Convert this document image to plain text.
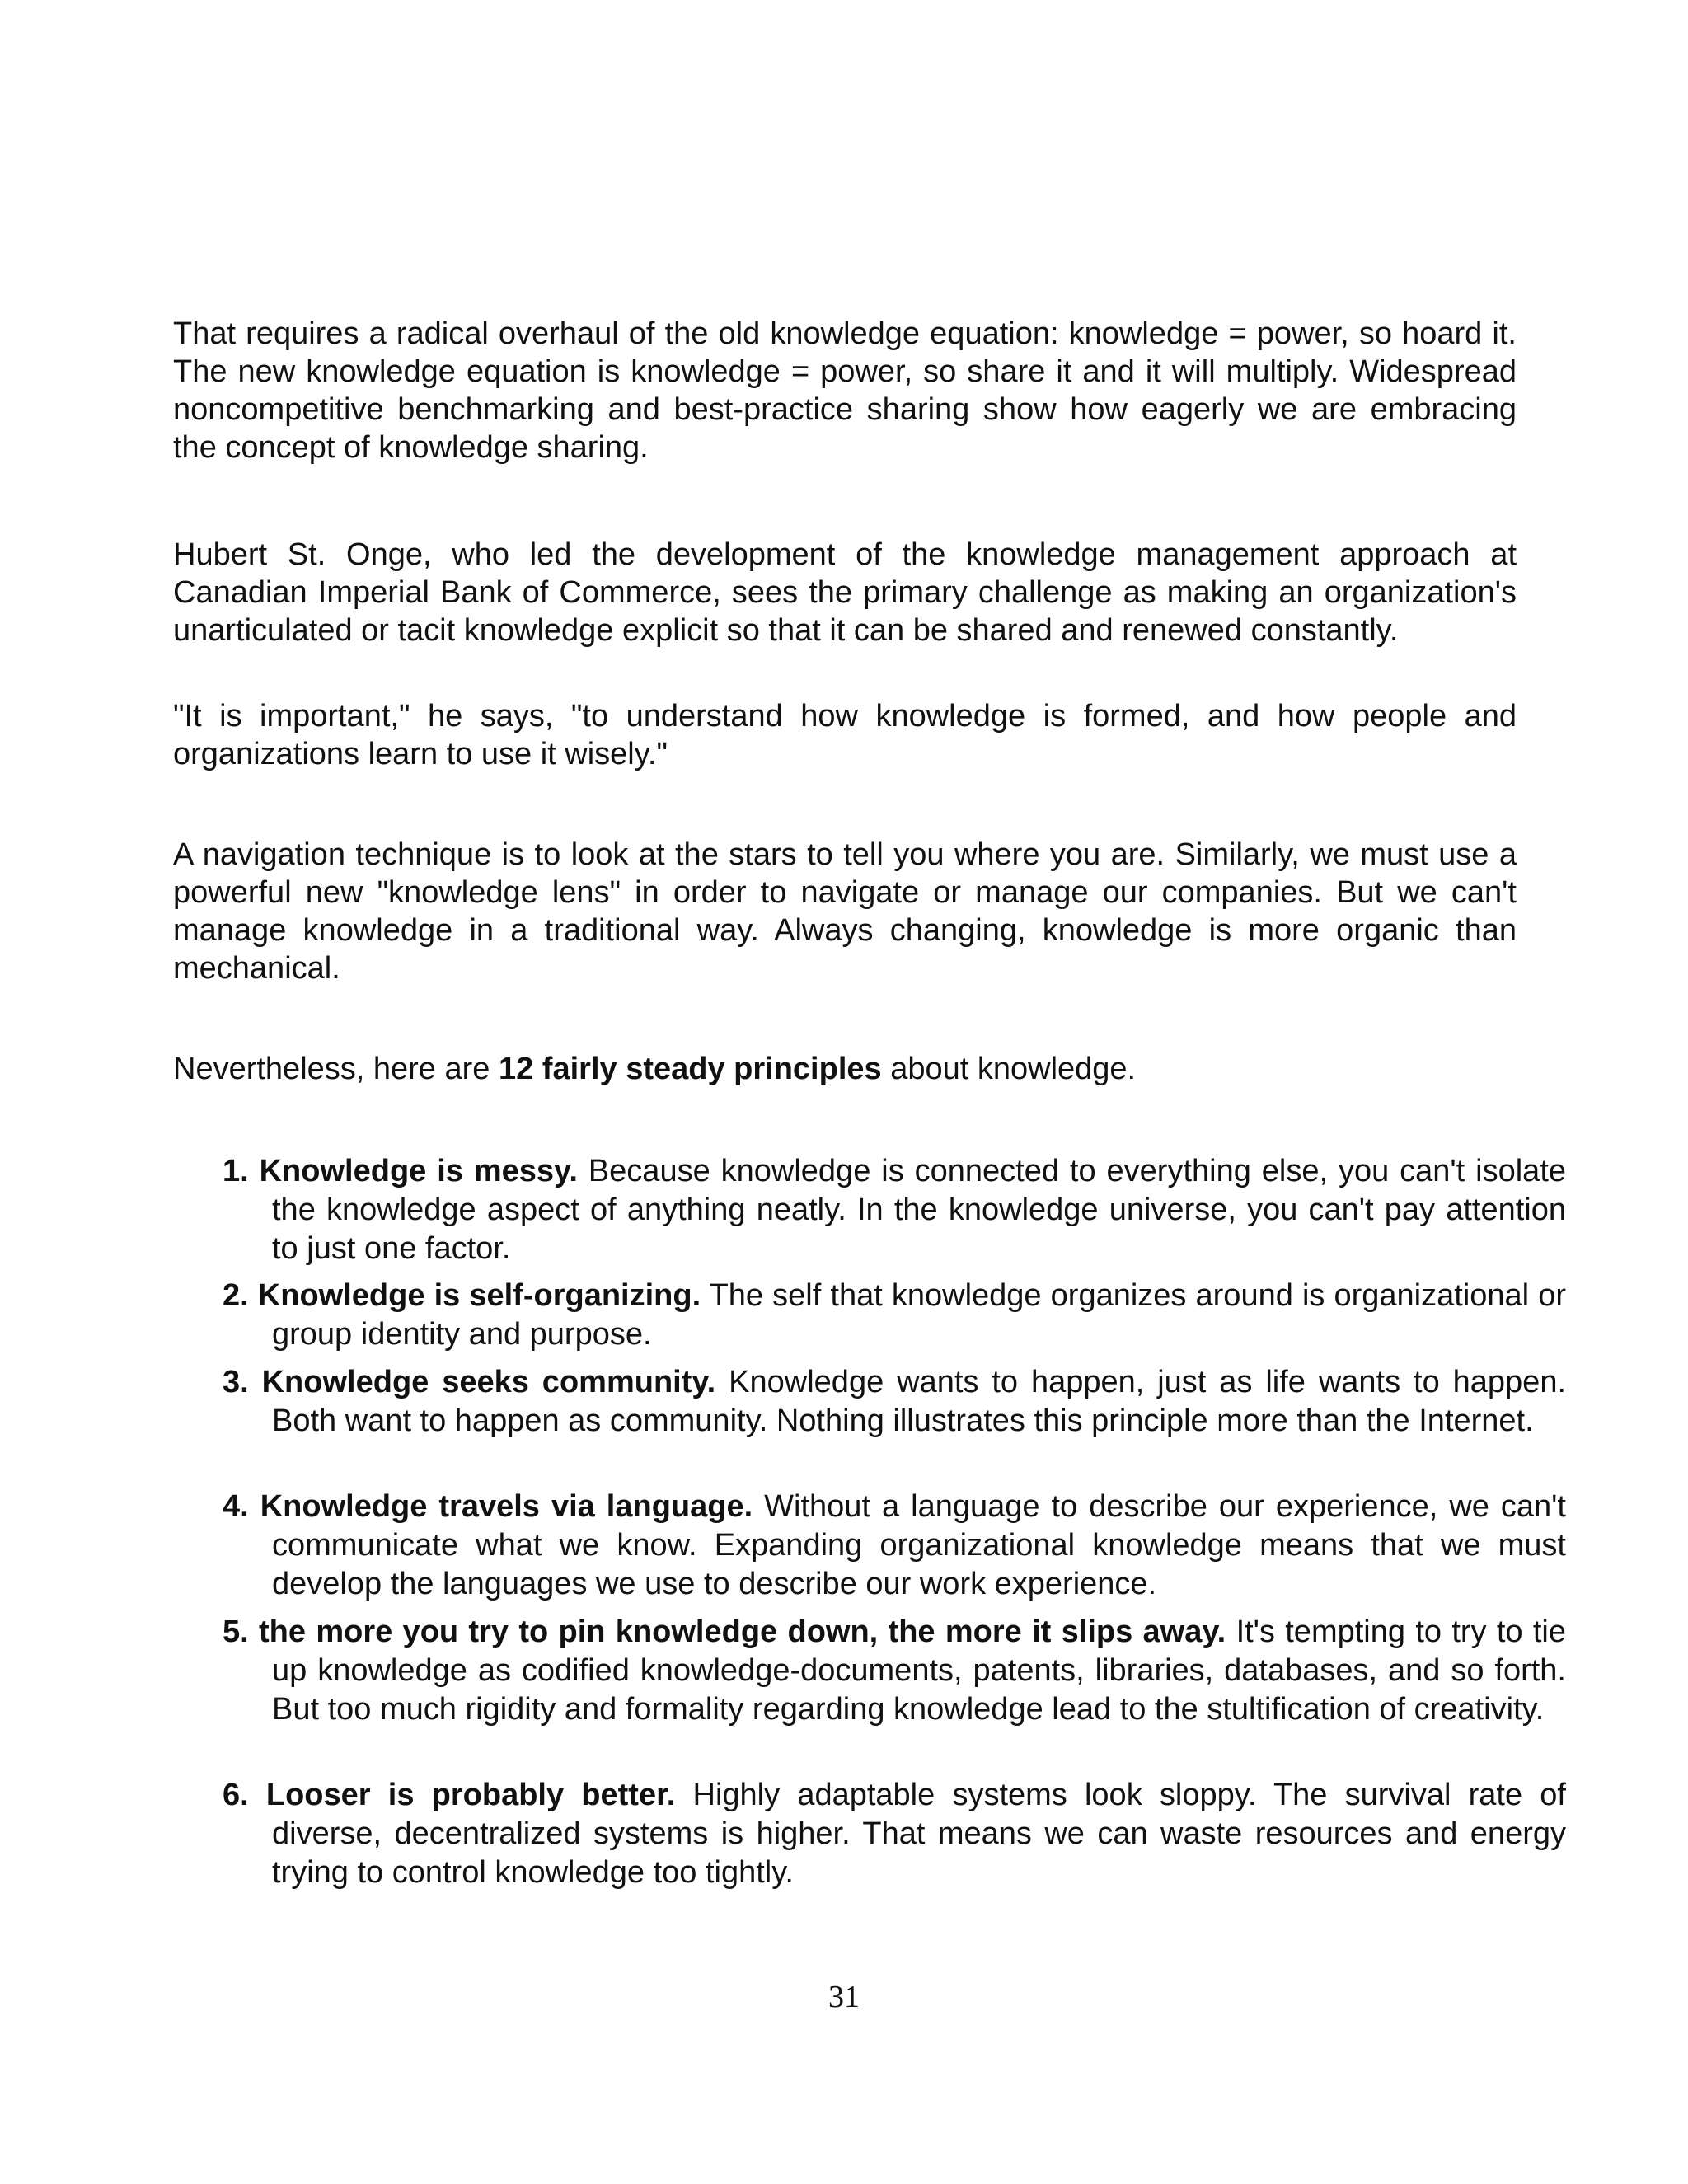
That requires a radical overhaul of the old knowledge equation: knowledge = power, so hoard it. The new knowledge equation is knowledge = power, so share it and it will multiply. Widespread noncompetitive benchmarking and best-practice sharing show how eagerly we are embracing the concept of knowledge sharing.

Hubert St. Onge, who led the development of the knowledge management approach at Canadian Imperial Bank of Commerce, sees the primary challenge as making an organization's unarticulated or tacit knowledge explicit so that it can be shared and renewed constantly.

"It is important," he says, "to understand how knowledge is formed, and how people and organizations learn to use it wisely."

A navigation technique is to look at the stars to tell you where you are. Similarly, we must use a powerful new "knowledge lens" in order to navigate or manage our companies. But we can't manage knowledge in a traditional way. Always changing, knowledge is more organic than mechanical.

Nevertheless, here are 12 fairly steady principles about knowledge.

1. Knowledge is messy. Because knowledge is connected to everything else, you can't isolate the knowledge aspect of anything neatly. In the knowledge universe, you can't pay attention to just one factor.
2. Knowledge is self-organizing. The self that knowledge organizes around is organizational or group identity and purpose.
3. Knowledge seeks community. Knowledge wants to happen, just as life wants to happen. Both want to happen as community. Nothing illustrates this principle more than the Internet.
4. Knowledge travels via language. Without a language to describe our experience, we can't communicate what we know. Expanding organizational knowledge means that we must develop the languages we use to describe our work experience.
5. the more you try to pin knowledge down, the more it slips away. It's tempting to try to tie up knowledge as codified knowledge-documents, patents, libraries, databases, and so forth. But too much rigidity and formality regarding knowledge lead to the stultification of creativity.
6. Looser is probably better. Highly adaptable systems look sloppy. The survival rate of diverse, decentralized systems is higher. That means we can waste resources and energy trying to control knowledge too tightly.
31
